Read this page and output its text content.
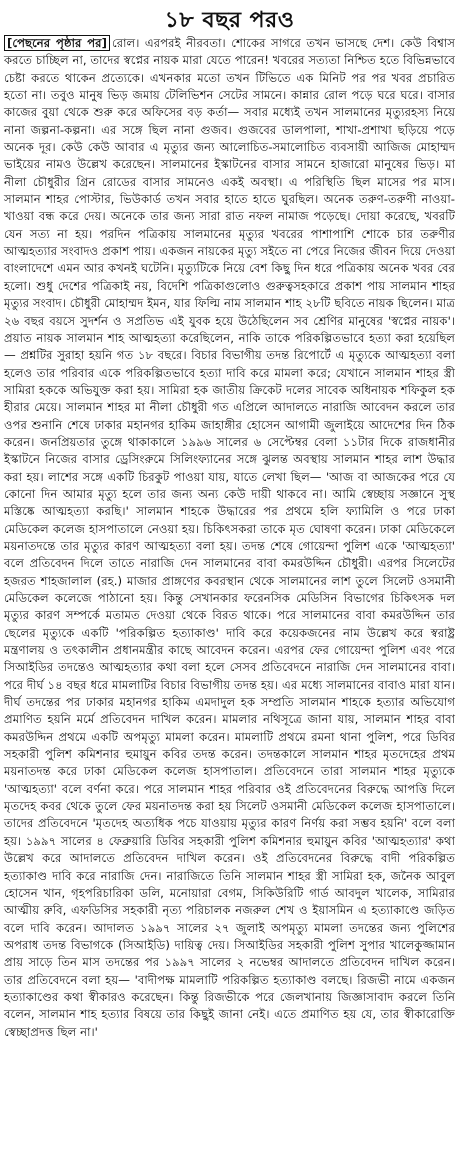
১৮ বছর পরও
[পেছনের পৃষ্ঠার পর] রোল। এরপরই নীরবতা। শোকের সাগরে তখন ভাসছে দেশ। কেউ বিশ্বাস করতে চাচ্ছিল না, তাদের স্বপ্নের নায়ক মারা যেতে পারেন! খবরের সত্যতা নিশ্চিত হতে বিভিন্নভাবে চেষ্টা করতে থাকেন প্রত্যেকে। এখনকার মতো তখন টিভিতে এক মিনিট পর পর খবর প্রচারিত হতো না। তবুও মানুষ ভিড় জমায় টেলিভিশন সেটের সামনে। কান্নার রোল পড়ে ঘরে ঘরে। বাসার কাজের বুয়া থেকে শুরু করে অফিসের বড় কর্তা— সবার মধ্যেই তখন সালমানের মৃত্যুরহস্য নিয়ে নানা জল্পনা-কল্পনা। এর সঙ্গে ছিল নানা গুজব। গুজবের ডালপালা, শাখা-প্রশাখা ছড়িয়ে পড়ে অনেক দূর। কেউ কেউ আবার এ মৃত্যুর জন্য আলোচিত-সমালোচিত ব্যবসায়ী আজিজ মোহাম্মদ ভাইয়ের নামও উল্লেখ করেছেন। সালমানের ইস্কাটনের বাসার সামনে হাজারো মানুষের ভিড়। মা নীলা চৌধুরীর গ্রিন রোডের বাসার সামনেও একই অবস্থা। এ পরিস্থিতি ছিল মাসের পর মাস। সালমান শাহর পোস্টার, ভিউকার্ড তখন সবার হাতে হাতে ঘুরছিল। অনেক তরুণ-তরুণী নাওয়া-খাওয়া বন্ধ করে দেয়। অনেকে তার জন্য সারা রাত নফল নামাজ পড়েছে। দোয়া করেছে, খবরটি যেন সত্য না হয়। পরদিন পত্রিকায় সালমানের মৃত্যুর খবরের পাশাপাশি শোকে চার তরুণীর আত্মহত্যার সংবাদও প্রকাশ পায়। একজন নায়কের মৃত্যু সইতে না পেরে নিজের জীবন দিয়ে দেওয়া বাংলাদেশে এমন আর কখনই ঘটেনি। মৃত্যুটিকে নিয়ে বেশ কিছু দিন ধরে পত্রিকায় অনেক খবর বের হলো। শুধু দেশের পত্রিকাই নয়, বিদেশি পত্রিকাগুলোও গুরুত্বসহকারে প্রকাশ পায় সালমান শাহর মৃত্যুর সংবাদ। চৌধুরী মোহাম্মদ ইমন, যার ফিল্মি নাম সালমান শাহ ২৮টি ছবিতে নায়ক ছিলেন। মাত্র ২৬ বছর বয়সে সুদর্শন ও সপ্রতিভ এই যুবক হয়ে উঠেছিলেন সব শ্রেণির মানুষের 'স্বপ্নের নায়ক'। প্রয়াত নায়ক সালমান শাহ আত্মহত্যা করেছিলেন, নাকি তাকে পরিকল্পিতভাবে হত্যা করা হয়েছিল— প্রশ্নটির সুরাহা হয়নি গত ১৮ বছরে। বিচার বিভাগীয় তদন্ত রিপোর্টে এ মৃত্যুকে আত্মহত্যা বলা হলেও তার পরিবার একে পরিকল্পিতভাবে হত্যা দাবি করে মামলা করে; যেখানে সালমান শাহর স্ত্রী সামিরা হককে অভিযুক্ত করা হয়। সামিরা হক জাতীয় ক্রিকেট দলের সাবেক অধিনায়ক শফিকুল হক হীরার মেয়ে। সালমান শাহর মা নীলা চৌধুরী গত এপ্রিলে আদালতে নারাজি আবেদন করলে তার ওপর শুনানি শেষে ঢাকার মহানগর হাকিম জাহাঙ্গীর হোসেন আগামী জুলাইয়ে আদেশের দিন ঠিক করেন। জনপ্রিয়তার তুঙ্গে থাকাকালে ১৯৯৬ সালের ৬ সেপ্টেম্বর বেলা ১১টার দিকে রাজধানীর ইস্কাটনে নিজের বাসার ড্রেসিংরুমে সিলিংফ্যানের সঙ্গে ঝুলন্ত অবস্থায় সালমান শাহর লাশ উদ্ধার করা হয়। লাশের সঙ্গে একটি চিরকুট পাওয়া যায়, যাতে লেখা ছিল— 'আজ বা আজকের পরে যে কোনো দিন আমার মৃত্যু হলে তার জন্য অন্য কেউ দায়ী থাকবে না। আমি স্বেচ্ছায় সজ্ঞানে সুস্থ মস্তিষ্কে আত্মহত্যা করছি।' সালমান শাহকে উদ্ধারের পর প্রথমে হলি ফ্যামিলি ও পরে ঢাকা মেডিকেল কলেজ হাসপাতালে নেওয়া হয়। চিকিৎসকরা তাকে মৃত ঘোষণা করেন। ঢাকা মেডিকেলে ময়নাতদন্তে তার মৃত্যুর কারণ আত্মহত্যা বলা হয়। তদন্ত শেষে গোয়েন্দা পুলিশ একে 'আত্মহত্যা' বলে প্রতিবেদন দিলে তাতে নারাজি দেন সালমানের বাবা কমরউদ্দিন চৌধুরী। এরপর সিলেটের হজরত শাহজালাল (রহ.) মাজার প্রাঙ্গণের কবরস্থান থেকে সালমানের লাশ তুলে সিলেট ওসমানী মেডিকেল কলেজে পাঠানো হয়। কিন্তু সেখানকার ফরেনসিক মেডিসিন বিভাগের চিকিৎসক দল মৃত্যুর কারণ সম্পর্কে মতামত দেওয়া থেকে বিরত থাকে। পরে সালমানের বাবা কমরউদ্দিন তার ছেলের মৃত্যুকে একটি 'পরিকল্পিত হত্যাকাণ্ড' দাবি করে কয়েকজনের নাম উল্লেখ করে স্বরাষ্ট্র মন্ত্রণালয় ও তৎকালীন প্রধানমন্ত্রীর কাছে আবেদন করেন। এরপর ফের গোয়েন্দা পুলিশ এবং পরে সিআইডির তদন্তেও আত্মহত্যার কথা বলা হলে সেসব প্রতিবেদনে নারাজি দেন সালমানের বাবা। পরে দীর্ঘ ১৪ বছর ধরে মামলাটির বিচার বিভাগীয় তদন্ত হয়। এর মধ্যে সালমানের বাবাও মারা যান। দীর্ঘ তদন্তের পর ঢাকার মহানগর হাকিম এমদাদুল হক সম্প্রতি সালমান শাহকে হত্যার অভিযোগ প্রমাণিত হয়নি মর্মে প্রতিবেদন দাখিল করেন। মামলার নথিসূত্রে জানা যায়, সালমান শাহর বাবা কমরউদ্দিন প্রথমে একটি অপমৃত্যু মামলা করেন। মামলাটি প্রথমে রমনা থানা পুলিশ, পরে ডিবির সহকারী পুলিশ কমিশনার হুমায়ুন কবির তদন্ত করেন। তদন্তকালে সালমান শাহর মৃতদেহের প্রথম ময়নাতদন্ত করে ঢাকা মেডিকেল কলেজ হাসপাতাল। প্রতিবেদনে তারা সালমান শাহর মৃত্যুকে 'আত্মহত্যা' বলে বর্ণনা করে। পরে সালমান শাহর পরিবার ওই প্রতিবেদনের বিরুদ্ধে আপত্তি দিলে মৃতদেহ কবর থেকে তুলে ফের ময়নাতদন্ত করা হয় সিলেট ওসমানী মেডিকেল কলেজ হাসপাতালে। তাদের প্রতিবেদনে 'মৃতদেহ অত্যধিক পচে যাওয়ায় মৃত্যুর কারণ নির্ণয় করা সম্ভব হয়নি' বলে বলা হয়। ১৯৯৭ সালের ৪ ফেব্রুয়ারি ডিবির সহকারী পুলিশ কমিশনার হুমায়ুন কবির 'আত্মহত্যার' কথা উল্লেখ করে আদালতে প্রতিবেদন দাখিল করেন। ওই প্রতিবেদনের বিরুদ্ধে বাদী পরিকল্পিত হত্যাকাণ্ড দাবি করে নারাজি দেন। নারাজিতে তিনি সালমান শাহর স্ত্রী সামিরা হক, জনৈক আবুল হোসেন খান, গৃহপরিচারিকা ডলি, মনোয়ারা বেগম, সিকিউরিটি গার্ড আবদুল খালেক, সামিরার আত্মীয় রুবি, এফডিসির সহকারী নৃত্য পরিচালক নজরুল শেখ ও ইয়াসমিন এ হত্যাকাণ্ডে জড়িত বলে দাবি করেন। আদালত ১৯৯৭ সালের ২৭ জুলাই অপমৃত্যু মামলা তদন্তের জন্য পুলিশের অপরাধ তদন্ত বিভাগকে (সিআইডি) দায়িত্ব দেয়। সিআইডির সহকারী পুলিশ সুপার খালেকুজ্জামান প্রায় সাড়ে তিন মাস তদন্তের পর ১৯৯৭ সালের ২ নভেম্বর আদালতে প্রতিবেদন দাখিল করেন। তার প্রতিবেদনে বলা হয়— 'বাদীপক্ষ মামলাটি পরিকল্পিত হত্যাকাণ্ড বলছে। রিজভী নামে একজন হত্যাকাণ্ডের কথা স্বীকারও করেছেন। কিন্তু রিজভীকে পরে জেলখানায় জিজ্ঞাসাবাদ করলে তিনি বলেন, সালমান শাহ হত্যার বিষয়ে তার কিছুই জানা নেই। এতে প্রমাণিত হয় যে, তার স্বীকারোক্তি স্বেচ্ছাপ্রদত্ত ছিল না।'
